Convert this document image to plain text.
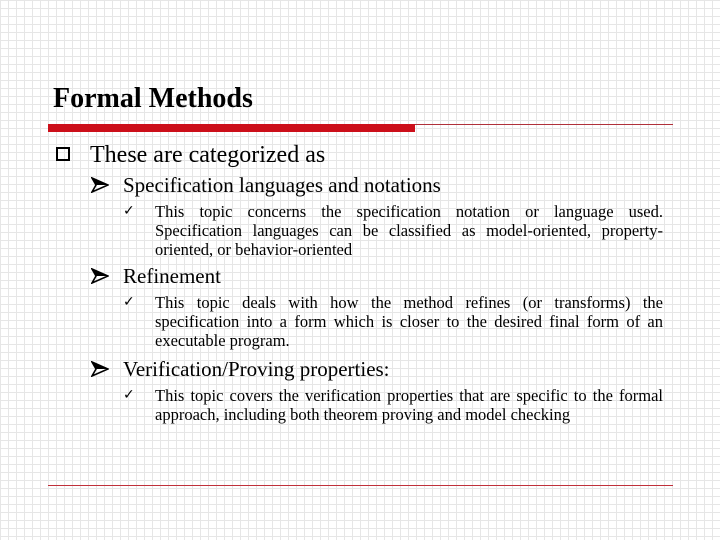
Formal Methods
These are categorized as
Specification languages and notations
✓ This topic concerns the specification notation or language used. Specification languages can be classified as model-oriented, property-oriented, or behavior-oriented
Refinement
✓ This topic deals with how the method refines (or transforms) the specification into a form which is closer to the desired final form of an executable program.
Verification/Proving properties:
✓ This topic covers the verification properties that are specific to the formal approach, including both theorem proving and model checking
